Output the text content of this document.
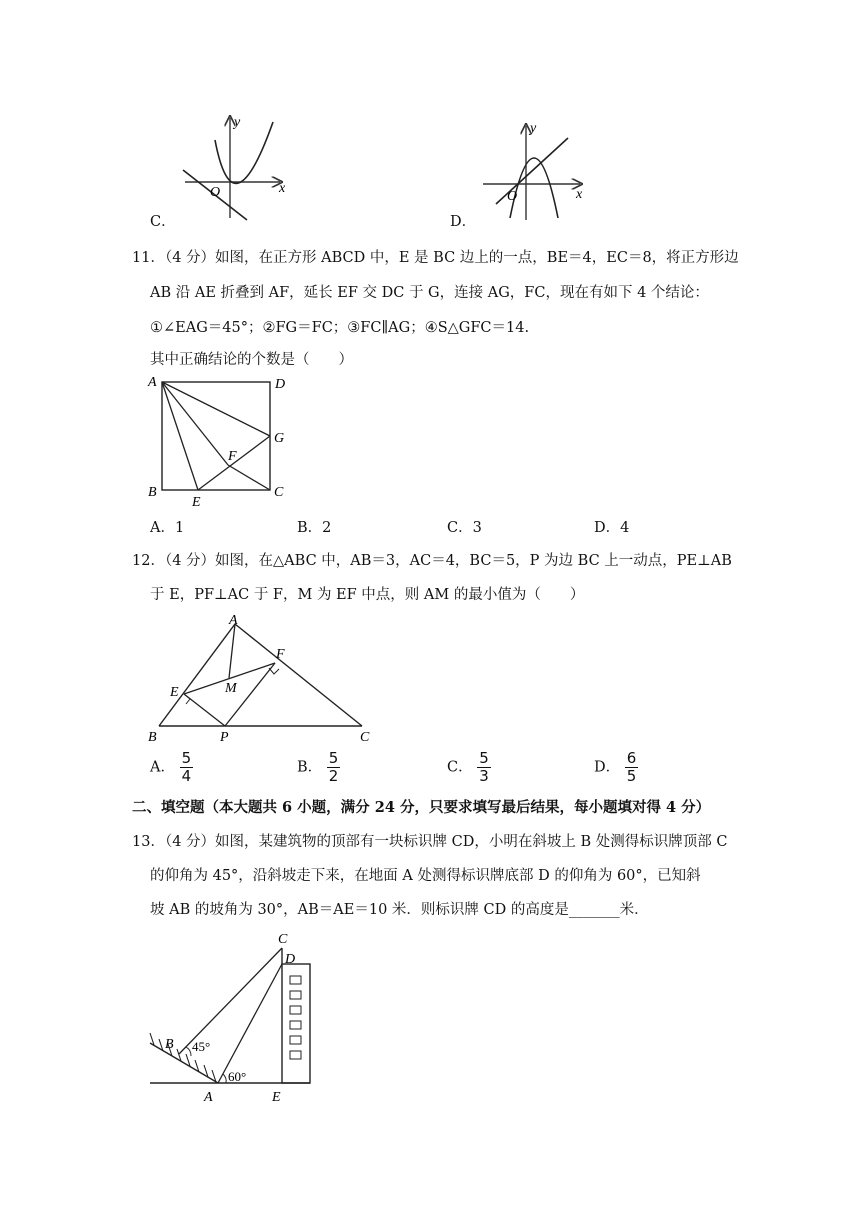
y
x
O
C．
y
x
O
D．
11．（4 分）如图，在正方形 ABCD 中，E 是 BC 边上的一点，BE＝4，EC＝8，将正方形边
AB 沿 AE 折叠到 AF，延长 EF 交 DC 于 G，连接 AG，FC，现在有如下 4 个结论：
①∠EAG＝45°；②FG＝FC；③FC∥AG；④S△GFC＝14.
其中正确结论的个数是（　　）
A	D
G
F
B
E
C
A．1	B．2	C．3	D．4
12．（4 分）如图，在△ABC 中，AB＝3，AC＝4，BC＝5，P 为边 BC 上一动点，PE⊥AB
于 E，PF⊥AC 于 F，M 为 EF 中点，则 AM 的最小值为（　　）
A
F
E	M
B	P	C
A． $\frac{5}{4}$	B． $\frac{5}{2}$	C． $\frac{5}{3}$	D． $\frac{6}{5}$
二、填空题（本大题共 6 小题，满分 24 分，只要求填写最后结果，每小题填对得 4 分）
13．（4 分）如图，某建筑物的顶部有一块标识牌 CD，小明在斜坡上 B 处测得标识牌顶部 C
的仰角为 45°，沿斜坡走下来，在地面 A 处测得标识牌底部 D 的仰角为 60°，已知斜
坡 AB 的坡角为 30°，AB＝AE＝10 米．则标识牌 CD 的高度是_______米．
C
D
B 45°
60°
A	E
